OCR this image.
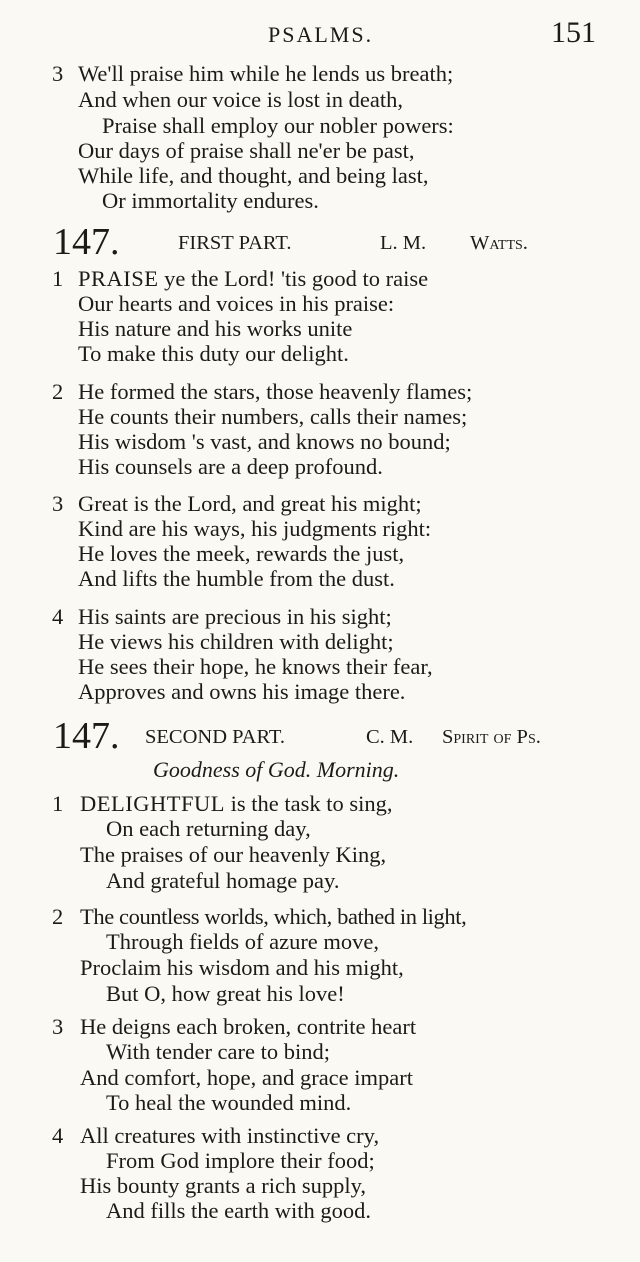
PSALMS.	151
3 We'll praise him while he lends us breath;
And when our voice is lost in death,
Praise shall employ our nobler powers:
Our days of praise shall ne'er be past,
While life, and thought, and being last,
Or immortality endures.
147.	FIRST PART.	L. M. Watts.
1 PRAISE ye the Lord! 'tis good to raise
Our hearts and voices in his praise:
His nature and his works unite
To make this duty our delight.
2 He formed the stars, those heavenly flames;
He counts their numbers, calls their names;
His wisdom 's vast, and knows no bound;
His counsels are a deep profound.
3 Great is the Lord, and great his might;
Kind are his ways, his judgments right:
He loves the meek, rewards the just,
And lifts the humble from the dust.
4 His saints are precious in his sight;
He views his children with delight;
He sees their hope, he knows their fear,
Approves and owns his image there.
147. SECOND PART.	C. M. Spirit of Ps.
Goodness of God. Morning.
1 DELIGHTFUL is the task to sing,
On each returning day,
The praises of our heavenly King,
And grateful homage pay.
2 The countless worlds, which, bathed in light,
Through fields of azure move,
Proclaim his wisdom and his might,
But O, how great his love!
3 He deigns each broken, contrite heart
With tender care to bind;
And comfort, hope, and grace impart
To heal the wounded mind.
4 All creatures with instinctive cry,
From God implore their food;
His bounty grants a rich supply,
And fills the earth with good.
